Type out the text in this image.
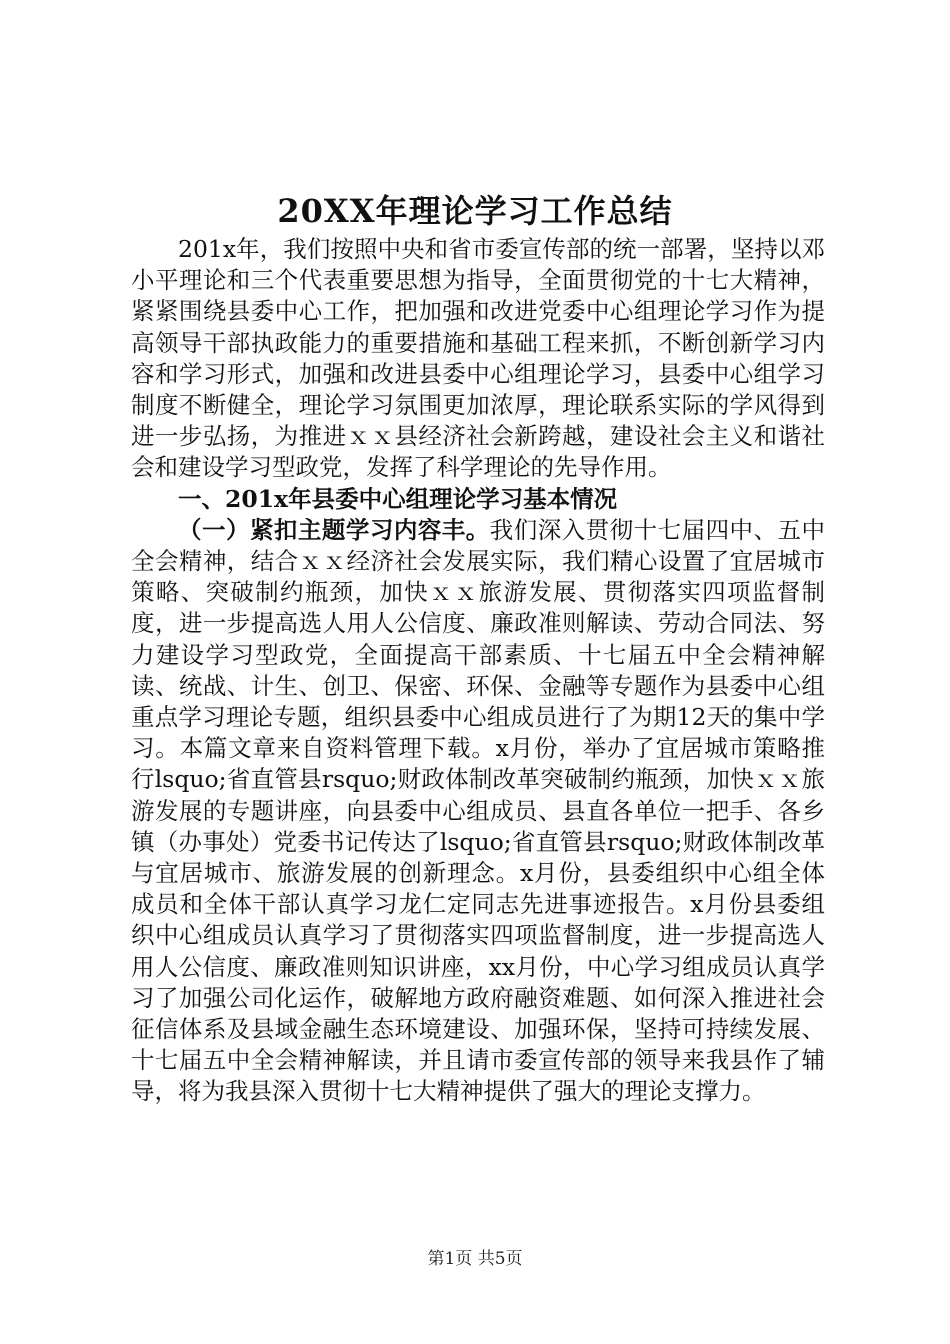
20XX年理论学习工作总结

201x年，我们按照中央和省市委宣传部的统一部署，坚持以邓小平理论和三个代表重要思想为指导，全面贯彻党的十七大精神，紧紧围绕县委中心工作，把加强和改进党委中心组理论学习作为提高领导干部执政能力的重要措施和基础工程来抓，不断创新学习内容和学习形式，加强和改进县委中心组理论学习，县委中心组学习制度不断健全，理论学习氛围更加浓厚，理论联系实际的学风得到进一步弘扬，为推进ｘｘ县经济社会新跨越，建设社会主义和谐社会和建设学习型政党，发挥了科学理论的先导作用。

一、201x年县委中心组理论学习基本情况

（一）紧扣主题学习内容丰。我们深入贯彻十七届四中、五中全会精神，结合ｘｘ经济社会发展实际，我们精心设置了宜居城市策略、突破制约瓶颈，加快ｘｘ旅游发展、贯彻落实四项监督制度，进一步提高选人用人公信度、廉政准则解读、劳动合同法、努力建设学习型政党，全面提高干部素质、十七届五中全会精神解读、统战、计生、创卫、保密、环保、金融等专题作为县委中心组重点学习理论专题，组织县委中心组成员进行了为期12天的集中学习。本篇文章来自资料管理下载。x月份，举办了宜居城市策略推行lsquo;省直管县rsquo;财政体制改革突破制约瓶颈，加快ｘｘ旅游发展的专题讲座，向县委中心组成员、县直各单位一把手、各乡镇（办事处）党委书记传达了lsquo;省直管县rsquo;财政体制改革与宜居城市、旅游发展的创新理念。x月份，县委组织中心组全体成员和全体干部认真学习龙仁定同志先进事迹报告。x月份县委组织中心组成员认真学习了贯彻落实四项监督制度，进一步提高选人用人公信度、廉政准则知识讲座，xx月份，中心学习组成员认真学习了加强公司化运作，破解地方政府融资难题、如何深入推进社会征信体系及县域金融生态环境建设、加强环保，坚持可持续发展、十七届五中全会精神解读，并且请市委宣传部的领导来我县作了辅导，将为我县深入贯彻十七大精神提供了强大的理论支撑力。

第1页 共5页
